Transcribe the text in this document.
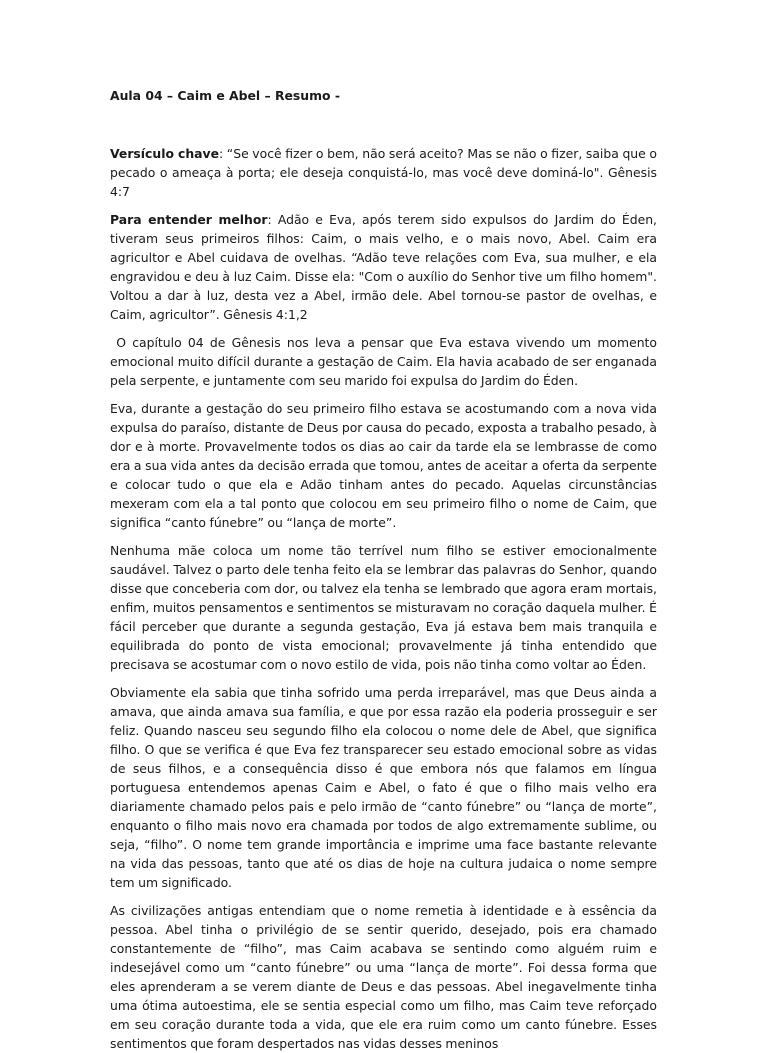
Aula 04 – Caim e Abel – Resumo -

Versículo chave: “Se você fizer o bem, não será aceito? Mas se não o fizer, saiba que o pecado o ameaça à porta; ele deseja conquistá-lo, mas você deve dominá-lo". Gênesis 4:7

Para entender melhor: Adão e Eva, após terem sido expulsos do Jardim do Éden, tiveram seus primeiros filhos: Caim, o mais velho, e o mais novo, Abel. Caim era agricultor e Abel cuidava de ovelhas. “Adão teve relações com Eva, sua mulher, e ela engravidou e deu à luz Caim. Disse ela: "Com o auxílio do Senhor tive um filho homem". Voltou a dar à luz, desta vez a Abel, irmão dele. Abel tornou-se pastor de ovelhas, e Caim, agricultor”. Gênesis 4:1,2

O capítulo 04 de Gênesis nos leva a pensar que Eva estava vivendo um momento emocional muito difícil durante a gestação de Caim. Ela havia acabado de ser enganada pela serpente, e juntamente com seu marido foi expulsa do Jardim do Éden.

Eva, durante a gestação do seu primeiro filho estava se acostumando com a nova vida expulsa do paraíso, distante de Deus por causa do pecado, exposta a trabalho pesado, à dor e à morte. Provavelmente todos os dias ao cair da tarde ela se lembrasse de como era a sua vida antes da decisão errada que tomou, antes de aceitar a oferta da serpente e colocar tudo o que ela e Adão tinham antes do pecado. Aquelas circunstâncias mexeram com ela a tal ponto que colocou em seu primeiro filho o nome de Caim, que significa “canto fúnebre” ou “lança de morte”.

Nenhuma mãe coloca um nome tão terrível num filho se estiver emocionalmente saudável. Talvez o parto dele tenha feito ela se lembrar das palavras do Senhor, quando disse que conceberia com dor, ou talvez ela tenha se lembrado que agora eram mortais, enfim, muitos pensamentos e sentimentos se misturavam no coração daquela mulher. É fácil perceber que durante a segunda gestação, Eva já estava bem mais tranquila e equilibrada do ponto de vista emocional; provavelmente já tinha entendido que precisava se acostumar com o novo estilo de vida, pois não tinha como voltar ao Éden.

Obviamente ela sabia que tinha sofrido uma perda irreparável, mas que Deus ainda a amava, que ainda amava sua família, e que por essa razão ela poderia prosseguir e ser feliz. Quando nasceu seu segundo filho ela colocou o nome dele de Abel, que significa filho. O que se verifica é que Eva fez transparecer seu estado emocional sobre as vidas de seus filhos, e a consequência disso é que embora nós que falamos em língua portuguesa entendemos apenas Caim e Abel, o fato é que o filho mais velho era diariamente chamado pelos pais e pelo irmão de “canto fúnebre” ou “lança de morte”, enquanto o filho mais novo era chamada por todos de algo extremamente sublime, ou seja, “filho”. O nome tem grande importância e imprime uma face bastante relevante na vida das pessoas, tanto que até os dias de hoje na cultura judaica o nome sempre tem um significado.

As civilizações antigas entendiam que o nome remetia à identidade e à essência da pessoa. Abel tinha o privilégio de se sentir querido, desejado, pois era chamado constantemente de “filho”, mas Caim acabava se sentindo como alguém ruim e indesejável como um “canto fúnebre” ou uma “lança de morte”. Foi dessa forma que eles aprenderam a se verem diante de Deus e das pessoas. Abel inegavelmente tinha uma ótima autoestima, ele se sentia especial como um filho, mas Caim teve reforçado em seu coração durante toda a vida, que ele era ruim como um canto fúnebre. Esses sentimentos que foram despertados nas vidas desses meninos
